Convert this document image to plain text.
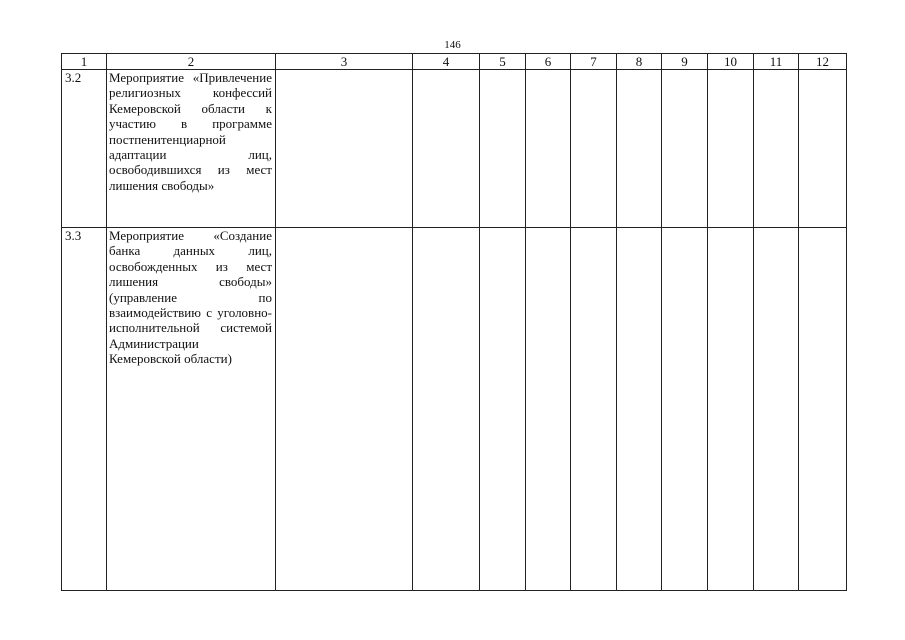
146
1	2	3	4	5	6	7	8	9	10	11	12
3.2	Мероприятие «Привлечение религиозных конфессий Кемеровской области к участию в программе постпенитенциарной адаптации лиц, освободившихся из мест лишения свободы»										
3.3	Мероприятие «Создание банка данных лиц, освобожденных из мест лишения свободы» (управление по взаимодействию с уголовно-исполнительной системой Администрации Кемеровской области)										
